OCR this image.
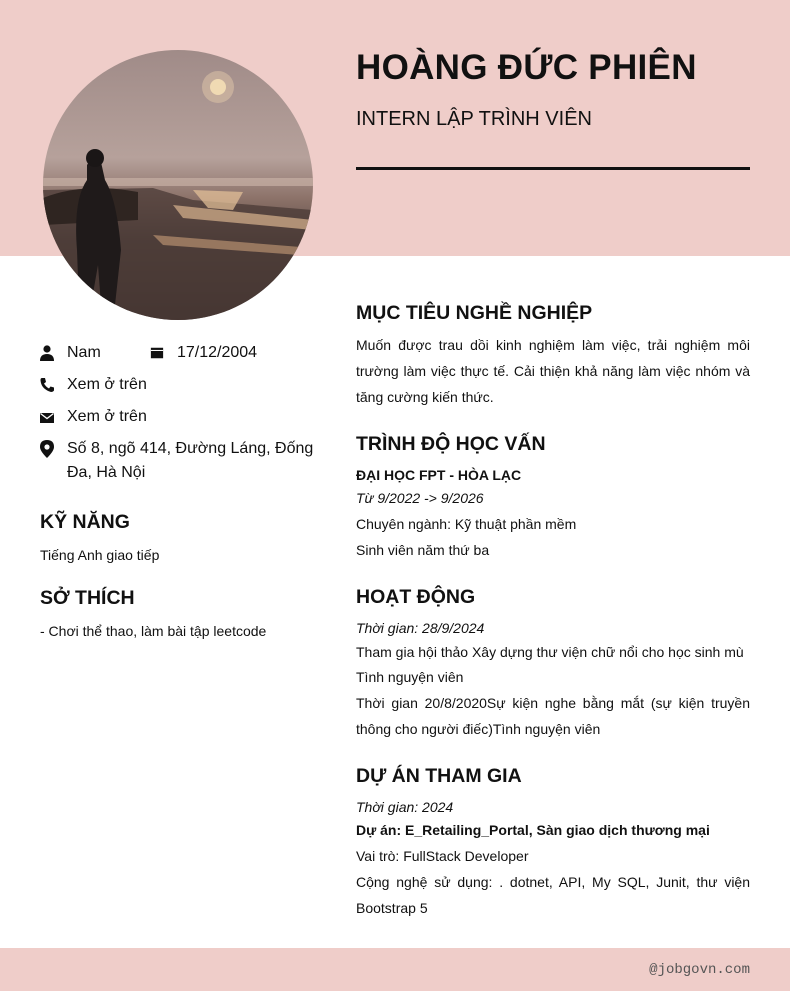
HOÀNG ĐỨC PHIÊN
INTERN LẬP TRÌNH VIÊN
Nam	17/12/2004
Xem ở trên
Xem ở trên
Số 8, ngõ 414, Đường Láng, Đống
Đa, Hà Nội
KỸ NĂNG
Tiếng Anh giao tiếp
SỞ THÍCH
- Chơi thể thao, làm bài tập leetcode
MỤC TIÊU NGHỀ NGHIỆP
Muốn được trau dồi kinh nghiệm làm việc, trải nghiệm môi trường làm việc thực tế. Cải thiện khả năng làm việc nhóm và tăng cường kiến thức.
TRÌNH ĐỘ HỌC VẤN
ĐẠI HỌC FPT - HÒA LẠC
Từ 9/2022 -> 9/2026
Chuyên ngành: Kỹ thuật phần mềm
Sinh viên năm thứ ba
HOẠT ĐỘNG
Thời gian: 28/9/2024
Tham gia hội thảo Xây dựng thư viện chữ nổi cho học sinh mù
Tình nguyện viên
Thời gian 20/8/2020Sự kiện nghe bằng mắt (sự kiện truyền thông cho người điếc)Tình nguyện viên
DỰ ÁN THAM GIA
Thời gian: 2024
Dự án: E_Retailing_Portal, Sàn giao dịch thương mại
Vai trò: FullStack Developer
Cộng nghệ sử dụng: . dotnet, API, My SQL, Junit, thư viện Bootstrap 5
@jobgovn.com
